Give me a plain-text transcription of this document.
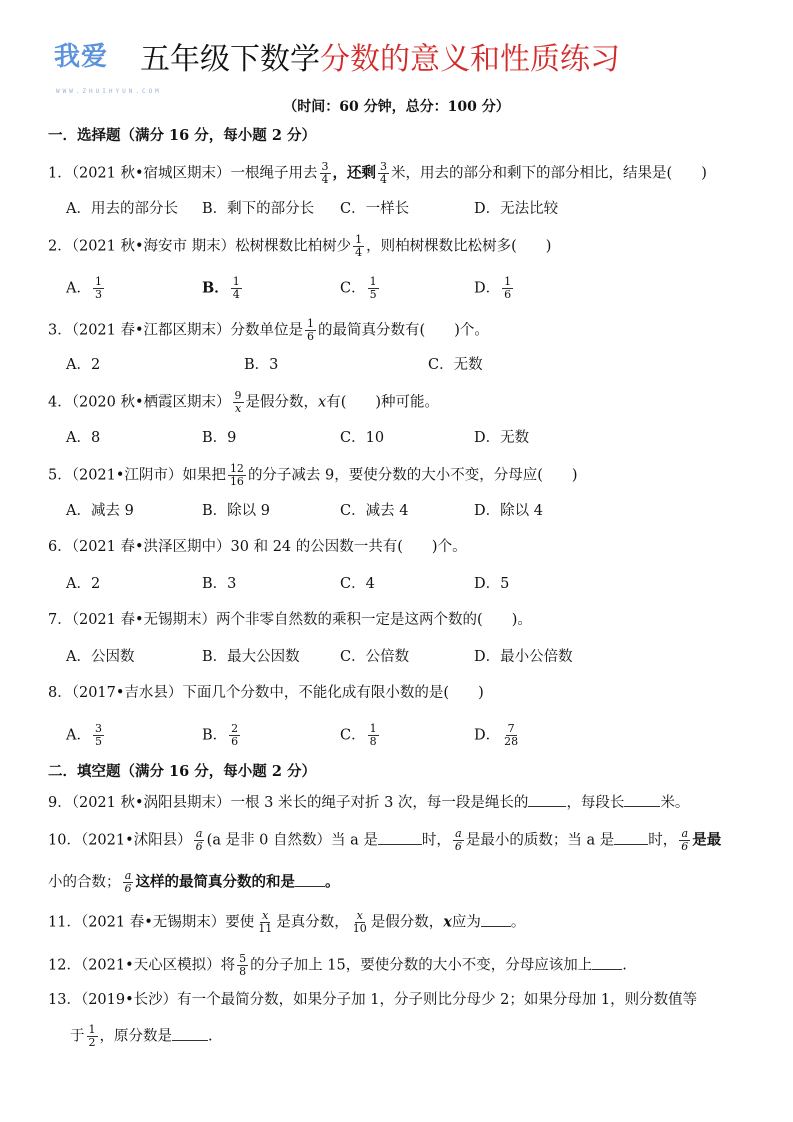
我爱
WWW.ZHUIHYUN.COM
五年级下数学分数的意义和性质练习
（时间：60 分钟，总分：100 分）
一．选择题（满分 16 分，每小题 2 分）
1．（2021 秋•宿城区期末）一根绳子用去 $\frac{3}{4}$ ，还剩 $\frac{3}{4}$ 米，用去的部分和剩下的部分相比，结果是(　　)
A．用去的部分长 B．剩下的部分长 C．一样长	D．无法比较
2．（2021 秋•海安市 期末）松树棵数比柏树少 $\frac{1}{4}$ ，则柏树棵数比松树多(　　)
A． $\frac{1}{3}$	B． $\frac{1}{4}$	C． $\frac{1}{5}$	D． $\frac{1}{6}$
3．（2021 春•江都区期末）分数单位是 $\frac{1}{6}$ 的最简真分数有(　　)个。
A．2	B．3	C．无数
4．（2020 秋•栖霞区期末） $\frac{9}{x}$ 是假分数，x有(　　)种可能。
A．8	B．9	C．10	D．无数
5．（2021•江阴市）如果把 $\frac{12}{16}$ 的分子减去 9，要使分数的大小不变，分母应(　　)
A．减去 9	B．除以 9	C．减去 4	D．除以 4
6．（2021 春•洪泽区期中）30 和 24 的公因数一共有(　　)个。
A．2	B．3	C．4	D．5
7．（2021 春•无锡期末）两个非零自然数的乘积一定是这两个数的(　　)。
A．公因数	B．最大公因数	C．公倍数	D．最小公倍数
8．（2017•吉水县）下面几个分数中，不能化成有限小数的是(　　)
A． $\frac{3}{5}$	B． $\frac{2}{6}$	C． $\frac{1}{8}$	D． $\frac{7}{28}$
二．填空题（满分 16 分，每小题 2 分）
9．（2021 秋•涡阳县期末）一根 3 米长的绳子对折 3 次，每一段是绳长的	，每段长 米。
10．（2021•沭阳县） $\frac{a}{6} (a$ 是非 0 自然数）当 a 是	时， $\frac{a}{6}$ 是最小的质数；当 a 是 时， $\frac{a}{6}$ 是最
小的合数； $\frac{a}{6}$ 这样的最简真分数的和是 。
11．（2021 春•无锡期末）要使 $\frac{x}{11}$ 是真分数， $\frac{x}{10}$ 是假分数，x应为 。
12．（2021•天心区模拟）将 $\frac{5}{8}$ 的分子加上 15，要使分数的大小不变，分母应该加上 .
13．（2019•长沙）有一个最简分数，如果分子加 1，分子则比分母少 2；如果分母加 1，则分数值等
于 $\frac{1}{2}$ ，原分数是 .
